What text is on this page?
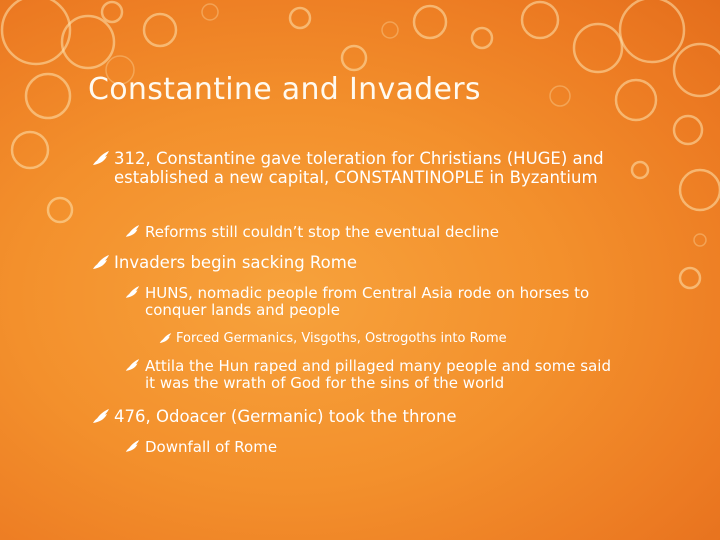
Constantine and Invaders

312, Constantine gave toleration for Christians (HUGE) and established a new capital, CONSTANTINOPLE in Byzantium

Reforms still couldn’t stop the eventual decline

Invaders begin sacking Rome

HUNS, nomadic people from Central Asia rode on horses to conquer lands and people

Forced Germanics, Visgoths, Ostrogoths into Rome

Attila the Hun raped and pillaged many people and some said it was the wrath of God for the sins of the world

476, Odoacer (Germanic) took the throne

Downfall of Rome
